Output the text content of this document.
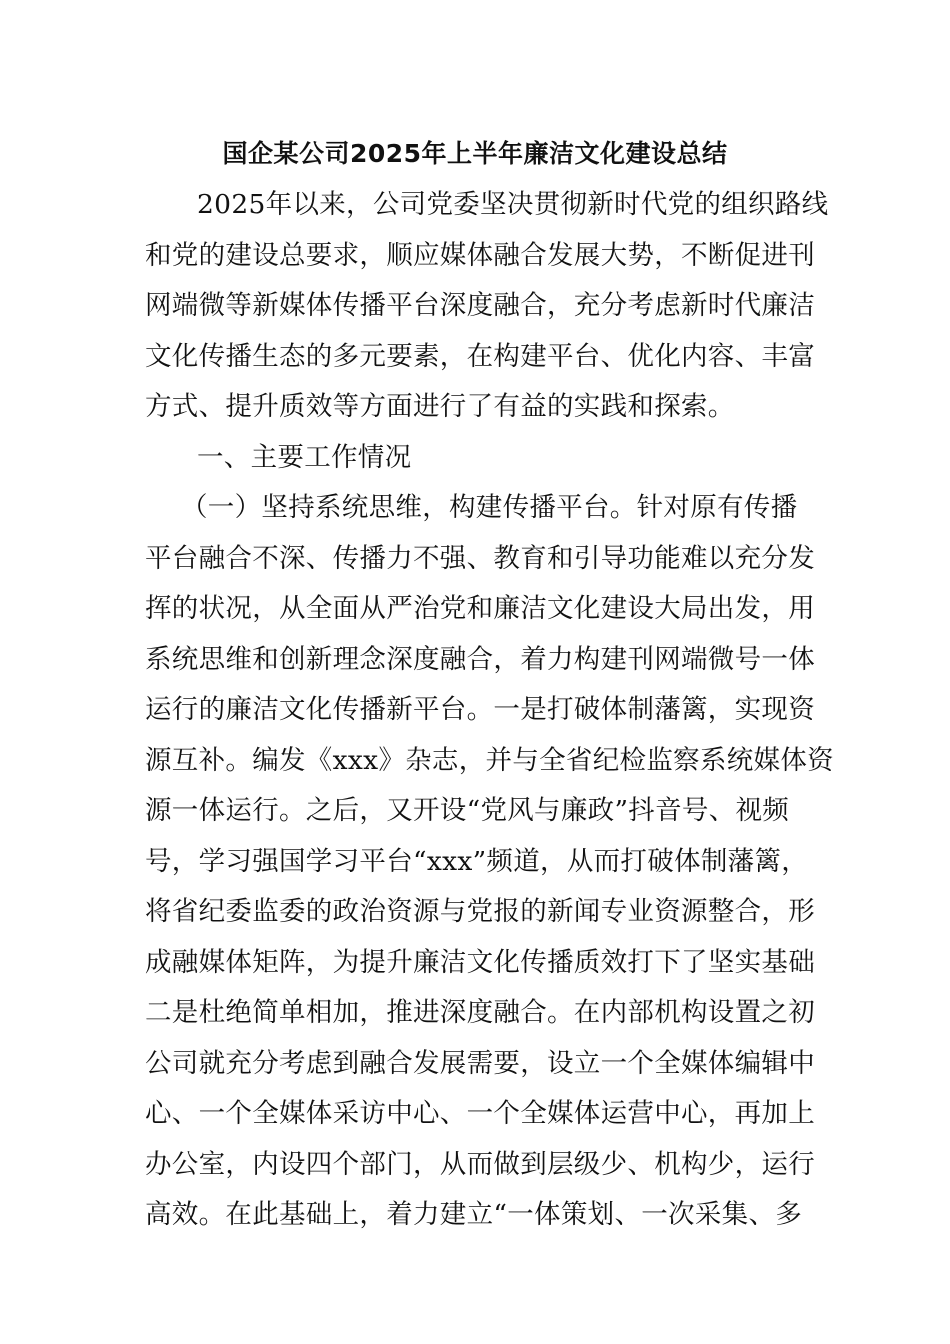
国企某公司2025年上半年廉洁文化建设总结
2025年以来，公司党委坚决贯彻新时代党的组织路线
和党的建设总要求，顺应媒体融合发展大势，不断促进刊
网端微等新媒体传播平台深度融合，充分考虑新时代廉洁
文化传播生态的多元要素，在构建平台、优化内容、丰富
方式、提升质效等方面进行了有益的实践和探索。
一、主要工作情况
（一）坚持系统思维，构建传播平台。针对原有传播
平台融合不深、传播力不强、教育和引导功能难以充分发
挥的状况，从全面从严治党和廉洁文化建设大局出发，用
系统思维和创新理念深度融合，着力构建刊网端微号一体
运行的廉洁文化传播新平台。一是打破体制藩篱，实现资
源互补。编发《xxx》杂志，并与全省纪检监察系统媒体资
源一体运行。之后，又开设“党风与廉政”抖音号、视频
号，学习强国学习平台“xxx”频道，从而打破体制藩篱，
将省纪委监委的政治资源与党报的新闻专业资源整合，形
成融媒体矩阵，为提升廉洁文化传播质效打下了坚实基础
二是杜绝简单相加，推进深度融合。在内部机构设置之初
公司就充分考虑到融合发展需要，设立一个全媒体编辑中
心、一个全媒体采访中心、一个全媒体运营中心，再加上
办公室，内设四个部门，从而做到层级少、机构少，运行
高效。在此基础上，着力建立“一体策划、一次采集、多
